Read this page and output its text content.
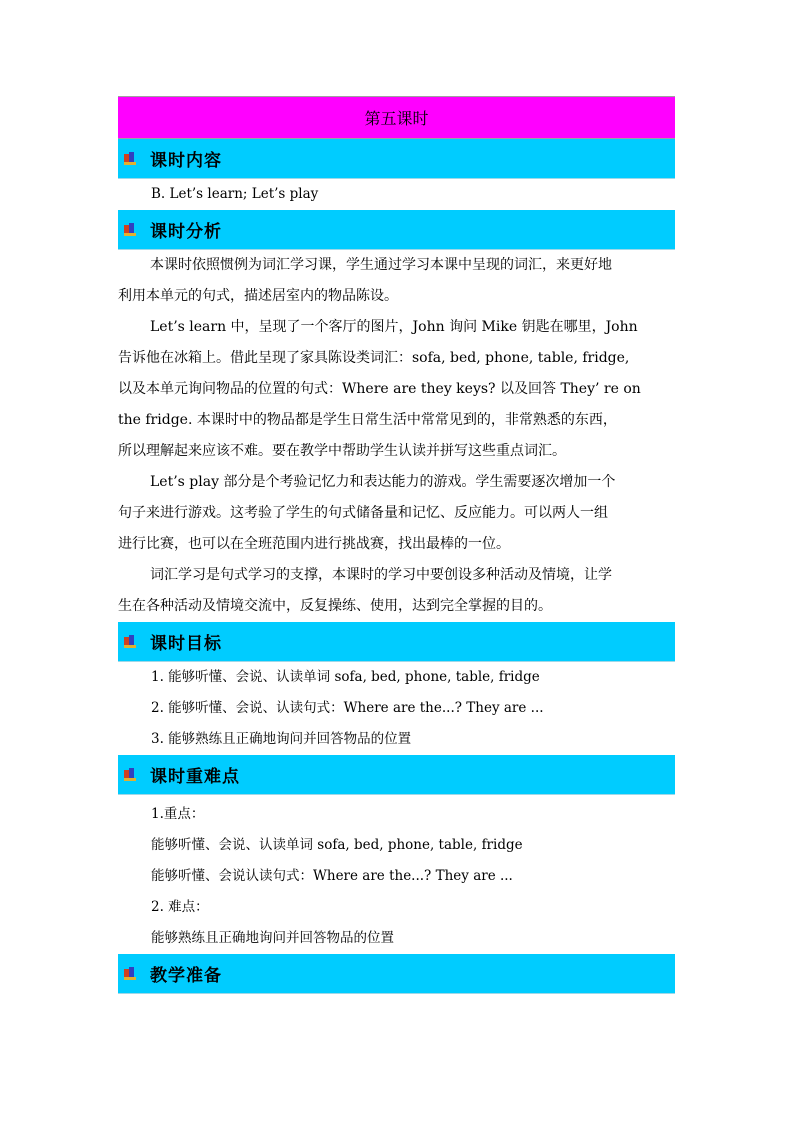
第五课时
课时内容
B. Let’s learn; Let’s play
课时分析
本课时依照惯例为词汇学习课，学生通过学习本课中呈现的词汇，来更好地
利用本单元的句式，描述居室内的物品陈设。
Let’s learn 中，呈现了一个客厅的图片，John 询问 Mike 钥匙在哪里，John
告诉他在冰箱上。借此呈现了家具陈设类词汇：sofa, bed, phone, table, fridge,
以及本单元询问物品的位置的句式：Where are they keys? 以及回答 They’ re on
the fridge. 本课时中的物品都是学生日常生活中常常见到的，非常熟悉的东西，
所以理解起来应该不难。要在教学中帮助学生认读并拼写这些重点词汇。
Let’s play 部分是个考验记忆力和表达能力的游戏。学生需要逐次增加一个
句子来进行游戏。这考验了学生的句式储备量和记忆、反应能力。可以两人一组
进行比赛，也可以在全班范围内进行挑战赛，找出最棒的一位。
词汇学习是句式学习的支撑，本课时的学习中要创设多种活动及情境，让学
生在各种活动及情境交流中，反复操练、使用，达到完全掌握的目的。
课时目标
1. 能够听懂、会说、认读单词 sofa, bed, phone, table, fridge
2. 能够听懂、会说、认读句式：Where are the...? They are ...
3. 能够熟练且正确地询问并回答物品的位置
课时重难点
1.重点：
能够听懂、会说、认读单词 sofa, bed, phone, table, fridge
能够听懂、会说认读句式：Where are the...? They are ...
2. 难点：
能够熟练且正确地询问并回答物品的位置
教学准备
